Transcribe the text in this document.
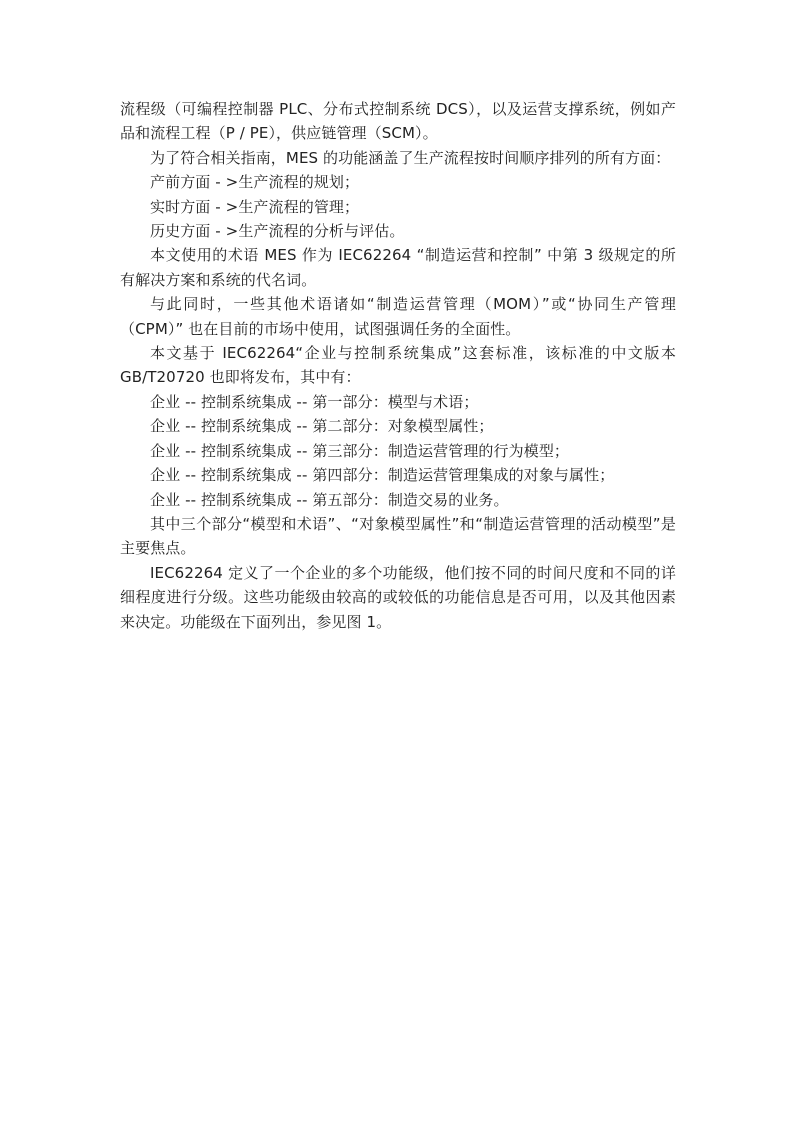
流程级（可编程控制器 PLC、分布式控制系统 DCS），以及运营支撑系统，例如产品和流程工程（P / PE），供应链管理（SCM）。

为了符合相关指南，MES 的功能涵盖了生产流程按时间顺序排列的所有方面：

产前方面 - >生产流程的规划；

实时方面 - >生产流程的管理；

历史方面 - >生产流程的分析与评估。

本文使用的术语 MES 作为 IEC62264 “制造运营和控制” 中第 3 级规定的所有解决方案和系统的代名词。

与此同时，一些其他术语诸如“制造运营管理（MOM）”或“协同生产管理（CPM）” 也在目前的市场中使用，试图强调任务的全面性。

本文基于 IEC62264“企业与控制系统集成”这套标准，该标准的中文版本 GB/T20720 也即将发布，其中有：

企业 -- 控制系统集成 -- 第一部分：模型与术语；

企业 -- 控制系统集成 -- 第二部分：对象模型属性；

企业 -- 控制系统集成 -- 第三部分：制造运营管理的行为模型；

企业 -- 控制系统集成 -- 第四部分：制造运营管理集成的对象与属性；

企业 -- 控制系统集成 -- 第五部分：制造交易的业务。

其中三个部分“模型和术语”、“对象模型属性”和“制造运营管理的活动模型”是主要焦点。

IEC62264 定义了一个企业的多个功能级，他们按不同的时间尺度和不同的详细程度进行分级。这些功能级由较高的或较低的功能信息是否可用，以及其他因素来决定。功能级在下面列出，参见图 1。
